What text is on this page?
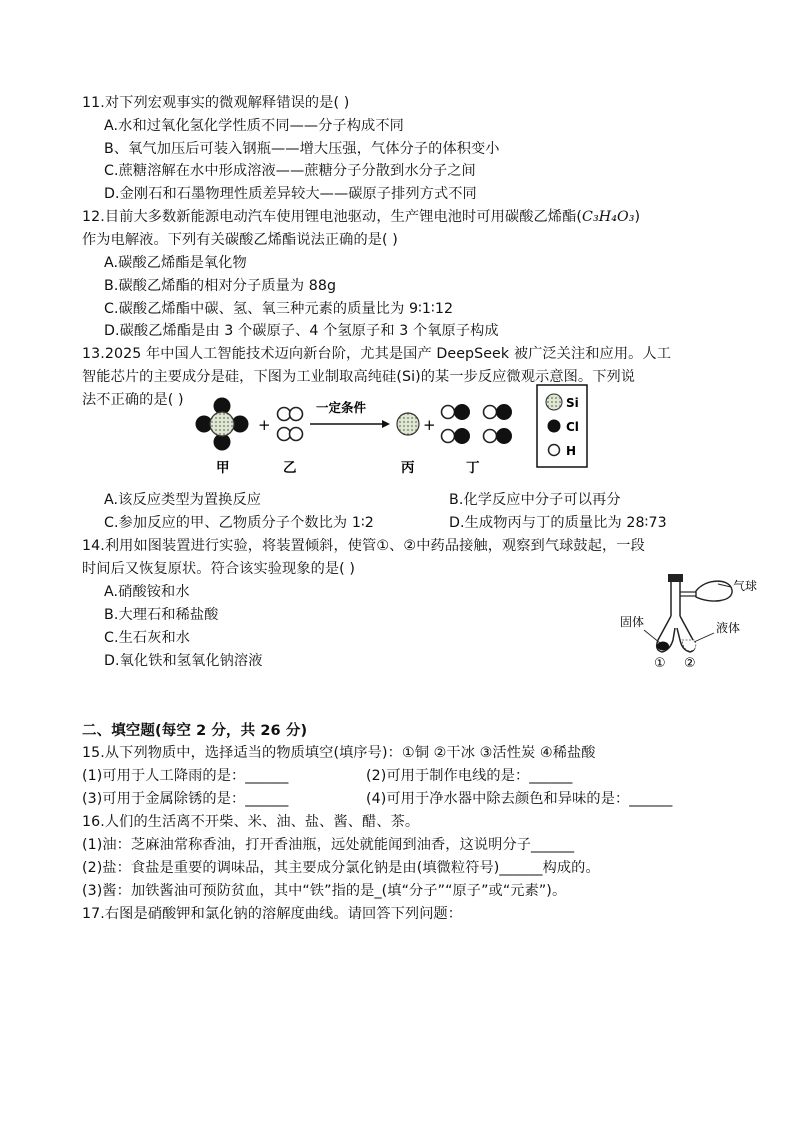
11.对下列宏观事实的微观解释错误的是( )
A.水和过氧化氢化学性质不同——分子构成不同
B、氧气加压后可装入钢瓶——增大压强，气体分子的体积变小
C.蔗糖溶解在水中形成溶液——蔗糖分子分散到水分子之间
D.金刚石和石墨物理性质差异较大——碳原子排列方式不同
12.目前大多数新能源电动汽车使用锂电池驱动，生产锂电池时可用碳酸乙烯酯(C₃H₄O₃)
作为电解液。下列有关碳酸乙烯酯说法正确的是( )
A.碳酸乙烯酯是氧化物
B.碳酸乙烯酯的相对分子质量为 88g
C.碳酸乙烯酯中碳、氢、氧三种元素的质量比为 9∶1∶12
D.碳酸乙烯酯是由 3 个碳原子、4 个氢原子和 3 个氧原子构成
13.2025 年中国人工智能技术迈向新台阶，尤其是国产 DeepSeek 被广泛关注和应用。人工
智能芯片的主要成分是硅，下图为工业制取高纯硅(Si)的某一步反应微观示意图。下列说
法不正确的是( )
+
一定条件
+
甲	乙	丙	丁
Si
Cl
H
A.该反应类型为置换反应	B.化学反应中分子可以再分
C.参加反应的甲、乙物质分子个数比为 1∶2	D.生成物丙与丁的质量比为 28∶73
14.利用如图装置进行实验，将装置倾斜，使管①、②中药品接触，观察到气球鼓起，一段
时间后又恢复原状。符合该实验现象的是( )
A.硝酸铵和水
B.大理石和稀盐酸
C.生石灰和水
D.氧化铁和氢氧化钠溶液
气球
固体	液体
① ②
二、填空题(每空 2 分，共 26 分)
15.从下列物质中，选择适当的物质填空(填序号)：①铜 ②干冰 ③活性炭 ④稀盐酸
(1)可用于人工降雨的是：______	(2)可用于制作电线的是：______
(3)可用于金属除锈的是：______	(4)可用于净水器中除去颜色和异味的是：______
16.人们的生活离不开柴、米、油、盐、酱、醋、茶。
(1)油：芝麻油常称香油，打开香油瓶，远处就能闻到油香，这说明分子______
(2)盐：食盐是重要的调味品，其主要成分氯化钠是由(填微粒符号)______构成的。
(3)酱：加铁酱油可预防贫血，其中“铁”指的是_(填“分子”“原子”或“元素”)。
17.右图是硝酸钾和氯化钠的溶解度曲线。请回答下列问题：
